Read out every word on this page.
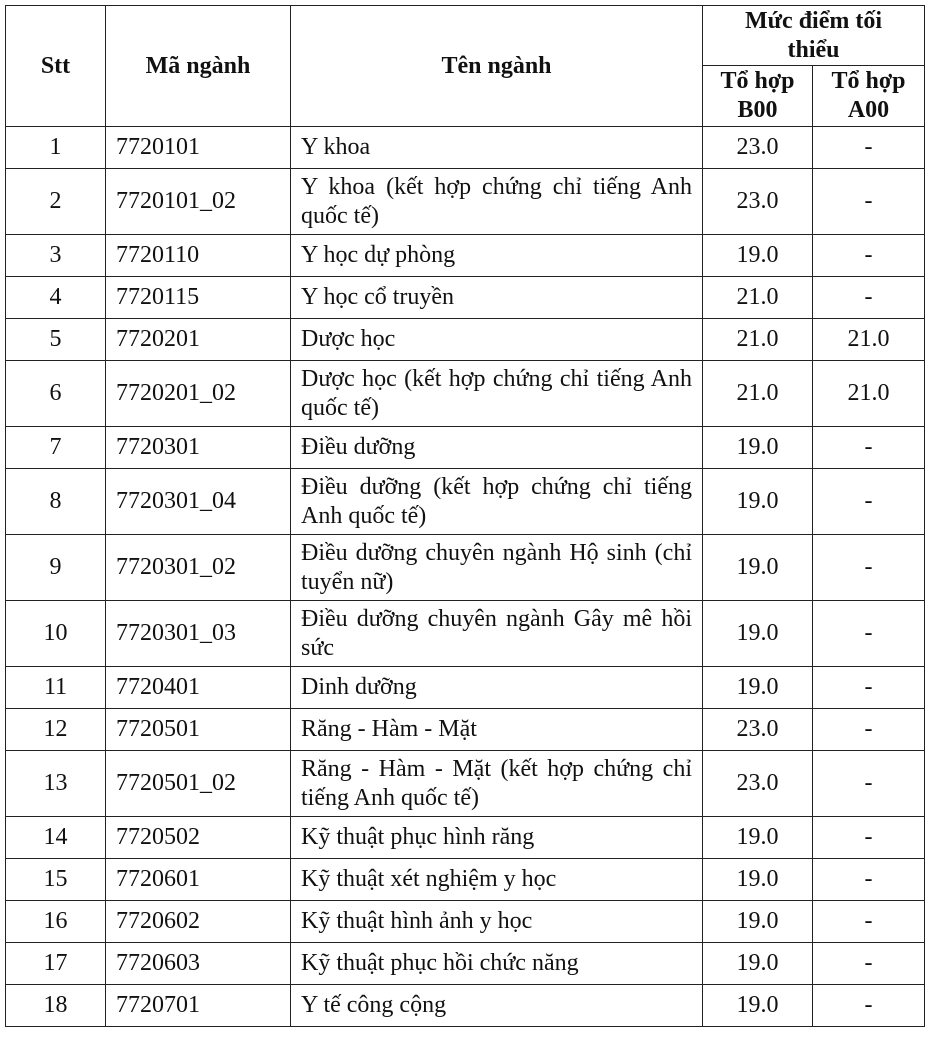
Stt	Mã ngành	Tên ngành	Mức điểm tối thiểu	
			Tổ hợp B00	Tổ hợp A00
1	7720101	Y khoa	23.0	-
2	7720101_02	Y khoa (kết hợp chứng chỉ tiếng Anh quốc tế)	23.0	-
3	7720110	Y học dự phòng	19.0	-
4	7720115	Y học cổ truyền	21.0	-
5	7720201	Dược học	21.0	21.0
6	7720201_02	Dược học (kết hợp chứng chỉ tiếng Anh quốc tế)	21.0	21.0
7	7720301	Điều dưỡng	19.0	-
8	7720301_04	Điều dưỡng (kết hợp chứng chỉ tiếng Anh quốc tế)	19.0	-
9	7720301_02	Điều dưỡng chuyên ngành Hộ sinh (chỉ tuyển nữ)	19.0	-
10	7720301_03	Điều dưỡng chuyên ngành Gây mê hồi sức	19.0	-
11	7720401	Dinh dưỡng	19.0	-
12	7720501	Răng - Hàm - Mặt	23.0	-
13	7720501_02	Răng - Hàm - Mặt (kết hợp chứng chỉ tiếng Anh quốc tế)	23.0	-
14	7720502	Kỹ thuật phục hình răng	19.0	-
15	7720601	Kỹ thuật xét nghiệm y học	19.0	-
16	7720602	Kỹ thuật hình ảnh y học	19.0	-
17	7720603	Kỹ thuật phục hồi chức năng	19.0	-
18	7720701	Y tế công cộng	19.0	-
